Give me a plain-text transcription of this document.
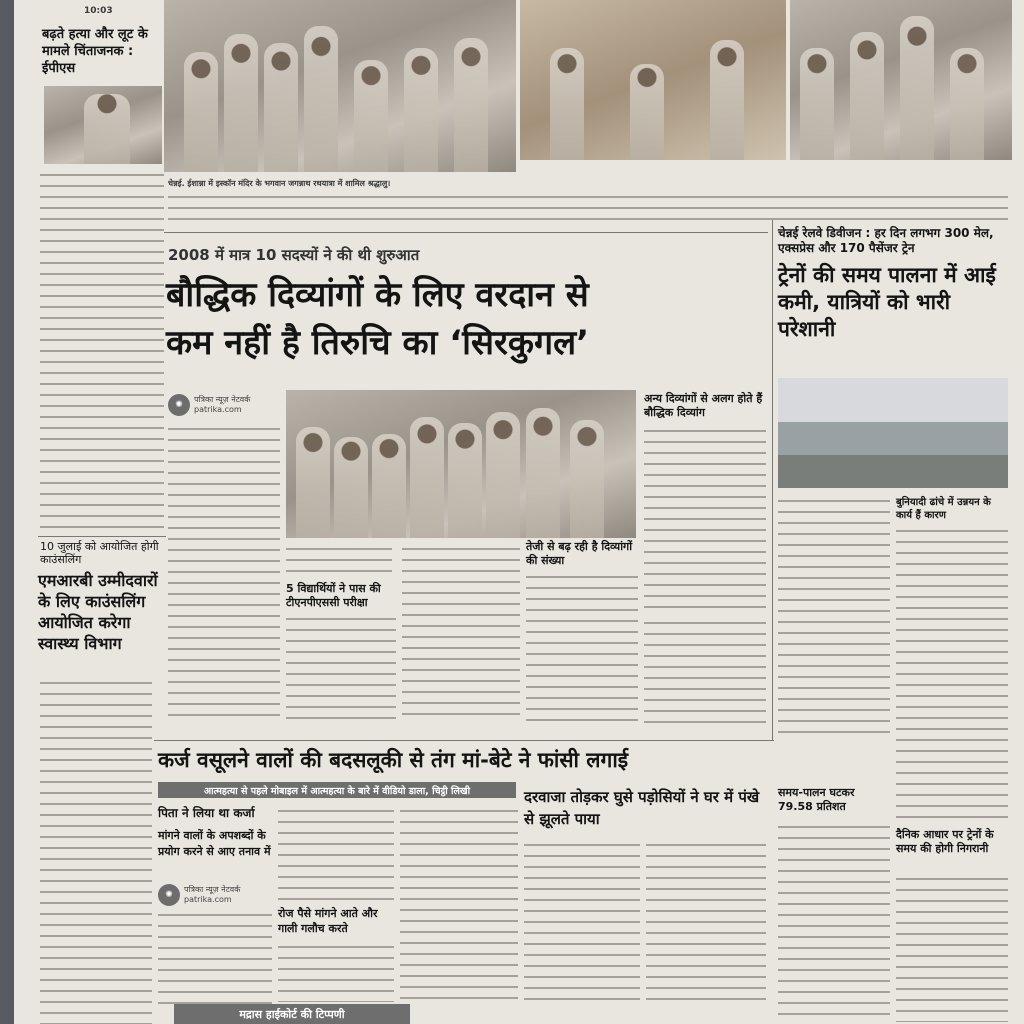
10:03
बढ़ते हत्या और लूट के मामले चिंताजनक : ईपीएस
चेन्नई. ईशान्ना में इस्कॉन मंदिर के भगवान जगन्नाथ रथयात्रा में शामिल श्रद्धालु।
2008 में मात्र 10 सदस्यों ने की थी शुरुआत
बौद्धिक दिव्यांगों के लिए वरदान से
कम नहीं है तिरुचि का ‘सिरकुगल’
✺
पत्रिका न्यूज़ नेटवर्क
patrika.com
अन्य दिव्यांगों से अलग होते हैं बौद्धिक दिव्यांग
5 विद्यार्थियों ने पास की टीएनपीएससी परीक्षा
तेजी से बढ़ रही है दिव्यांगों की संख्या
चेन्नई रेलवे डिवीजन : हर दिन लगभग 300 मेल, एक्सप्रेस और 170 पैसेंजर ट्रेन
ट्रेनों की समय पालना में आई कमी, यात्रियों को भारी परेशानी
बुनियादी ढांचे में उन्नयन के कार्य हैं कारण
समय-पालन घटकर 79.58 प्रतिशत
दैनिक आधार पर ट्रेनों के समय की होगी निगरानी
10 जुलाई को आयोजित होगी काउंसलिंग
एमआरबी उम्मीदवारों के लिए काउंसलिंग आयोजित करेगा स्वास्थ्य विभाग
कर्ज वसूलने वालों की बदसलूकी से तंग मां-बेटे ने फांसी लगाई
आत्महत्या से पहले मोबाइल में आत्महत्या के बारे में वीडियो डाला, चिट्ठी लिखी
पिता ने लिया था कर्जा
मांगने वालों के अपशब्दों के प्रयोग करने से आए तनाव में
✺
पत्रिका न्यूज़ नेटवर्क
patrika.com
रोज पैसे मांगने आते और गाली गलौच करते
दरवाजा तोड़कर घुसे पड़ोसियों ने घर में पंखे से झूलते पाया
मद्रास हाईकोर्ट की टिप्पणी
